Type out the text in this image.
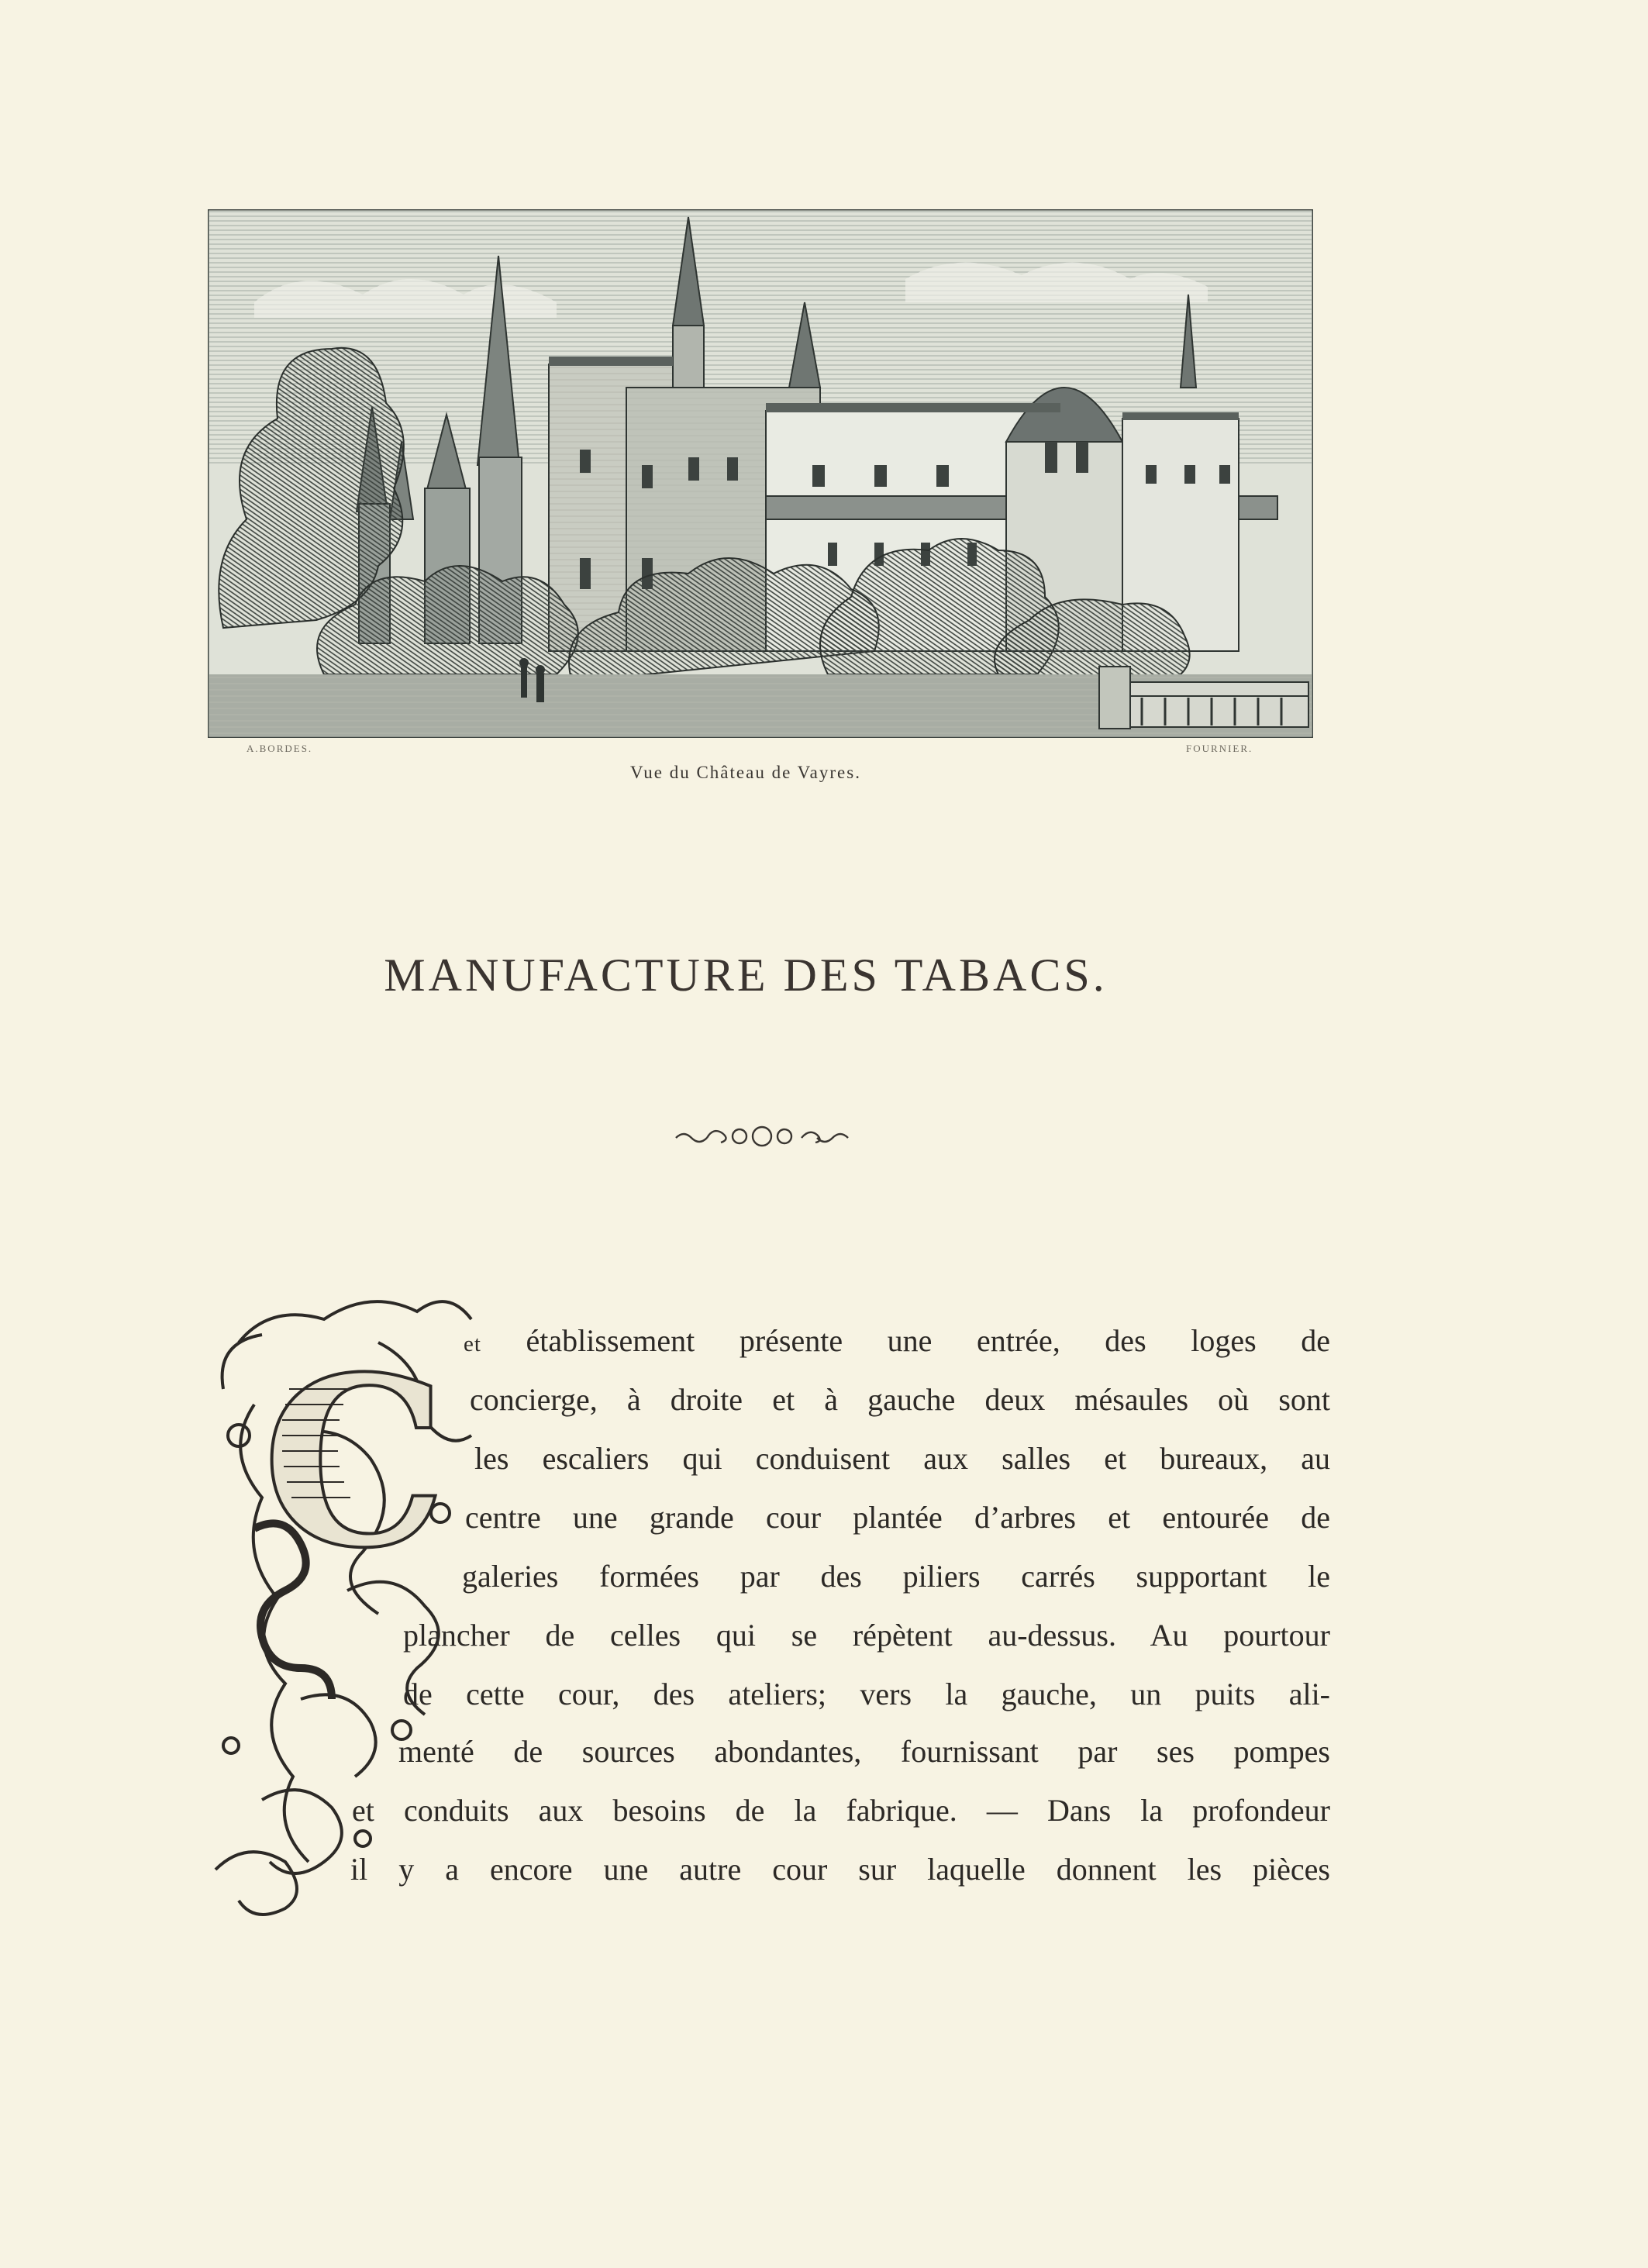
A.BORDES.	FOURNIER.
Vue du Château de Vayres.
MANUFACTURE DES TABACS.
C et établissement présente une entrée, des loges de
concierge, à droite et à gauche deux mésaules où sont
les escaliers qui conduisent aux salles et bureaux, au
centre une grande cour plantée d’arbres et entourée de
galeries formées par des piliers carrés supportant le
plancher de celles qui se répètent au-dessus. Au pourtour
de cette cour, des ateliers; vers la gauche, un puits ali-
menté de sources abondantes, fournissant par ses pompes
et conduits aux besoins de la fabrique. — Dans la profondeur
il y a encore une autre cour sur laquelle donnent les pièces
